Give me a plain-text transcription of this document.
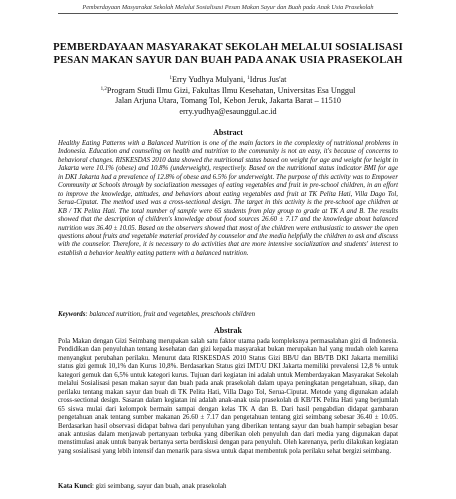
Pemberdayaan Masyarakat Sekolah Melalui Sosialisasi Pesan Makan Sayur dan Buah pada Anak Usia Prasekolah
PEMBERDAYAAN MASYARAKAT SEKOLAH MELALUI SOSIALISASI
PESAN MAKAN SAYUR DAN BUAH PADA ANAK USIA PRASEKOLAH
$^1$Erry Yudhya Mulyani, $^1$Idrus Jus'at
$^{1,2}$Program Studi Ilmu Gizi, Fakultas Ilmu Kesehatan, Universitas Esa Unggul
Jalan Arjuna Utara, Tomang Tol, Kebon Jeruk, Jakarta Barat – 11510
erry.yudhya@esaunggul.ac.id
Abstract
Healthy Eating Patterns with a Balanced Nutrition is one of the main factors in the complexity of nutritional problems in Indonesia. Education and counseling on health and nutrition to the community is not an easy, it's because of concerns to behavioral changes. RISKESDAS 2010 data showed the nutritional status based on weight for age and weight for height in Jakarta were 10.1% (obese) and 10.8% (underweight), respectively. Based on the nutritional status indicator BMI for age in DKI Jakarta had a prevalence of 12.8% of obese and 6.5% for underweight. The purpose of this activity was to Empower Community at Schools through by socialization messages of eating vegetables and fruit in pre-school children, in an effort to improve the knowledge, attitudes, and behaviors about eating vegetables and fruit at TK Pelita Hati, Villa Dago Tol, Serua-Ciputat. The method used was a cross-sectional design. The target in this activity is the pre-school age children at KB / TK Pelita Hati. The total number of sample were 65 students from play group to grade at TK A and B. The results showed that the description of children's knowledge about food sources 26.60 ± 7.17 and the knowledge about balanced nutrition was 36.40 ± 10.05. Based on the observers showed that most of the children were enthusiastic to answer the open questions about fruits and vegetable material provided by counselor and the media helpfully the children to ask and discuss with the counselor. Therefore, it is necessary to do activities that are more intensive socialization and students' interest to establish a behavior healthy eating pattern with a balanced nutrition.
Keywords: balanced nutrition, fruit and vegetables, preschools children
Abstrak
Pola Makan dengan Gizi Seimbang merupakan salah satu faktor utama pada kompleksnya permasalahan gizi di Indonesia. Pendidikan dan penyuluhan tentang kesehatan dan gizi kepada masyarakat bukan merupakan hal yang mudah oleh karena menyangkut perubahan perilaku. Menurut data RISKESDAS 2010 Status Gizi BB/U dan BB/TB DKI Jakarta memiliki status gizi gemuk 10,1% dan Kurus 10,8%. Berdasarkan Status gizi IMT/U DKI Jakarta memiliki prevalensi 12,8 % untuk kategori gemuk dan 6,5% untuk kategori kurus. Tujuan dari kegiatan ini adalah untuk Memberdayakan Masyarakat Sekolah melalui Sosialisasi pesan makan sayur dan buah pada anak prasekolah dalam upaya peningkatan pengetahuan, sikap, dan perilaku tentang makan sayur dan buah di TK Pelita Hati, Villa Dago Tol, Serua-Ciputat. Metode yang digunakan adalah cross-sectional design. Sasaran dalam kegiatan ini adalah anak-anak usia prasekolah di KB/TK Pelita Hati yang berjumlah 65 siswa mulai dari kelompok bermain sampai dengan kelas TK A dan B. Dari hasil pengabdian didapat gambaran pengetahuan anak tentang sumber makanan 26.60 ± 7.17 dan pengetahuan tentang gizi seimbang sebesar 36.40 ± 10.05. Berdasarkan hasil observasi didapat bahwa dari penyuluhan yang diberikan tentang sayur dan buah hampir sebagian besar anak antusias dalam menjawab pertanyaan terbuka yang diberikan oleh penyuluh dan dari media yang digunakan dapat menstimulasi anak untuk banyak bertanya serta berdiskusi dengan para penyuluh. Oleh karenanya, perlu dilakukan kegiatan yang sosialisasi yang lebih intensif dan menarik para siswa untuk dapat membentuk pola perilaku sehat bergizi seimbang.
Kata Kunci: gizi seimbang, sayur dan buah, anak prasekolah
